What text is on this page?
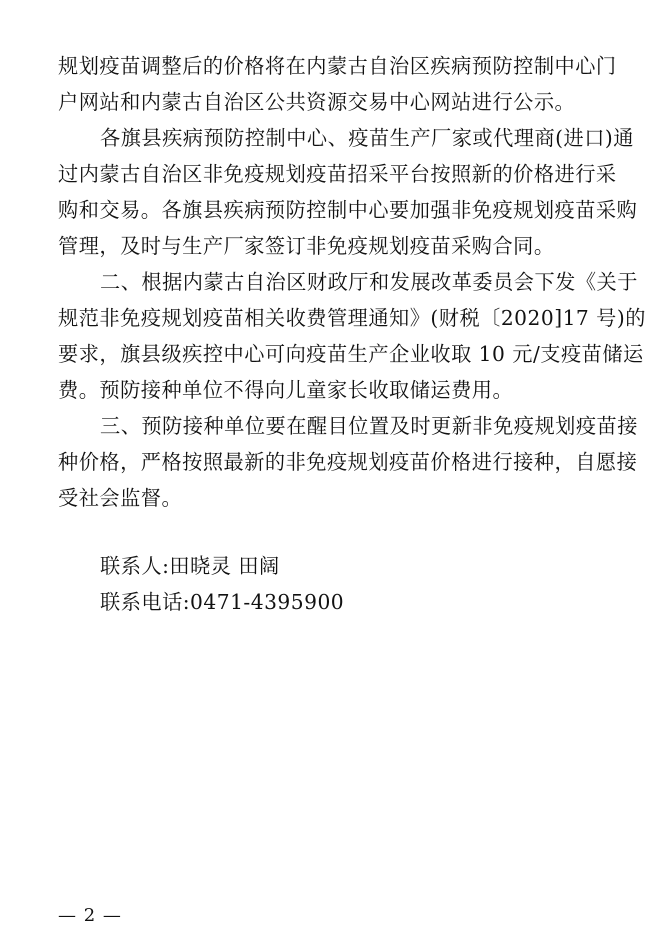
规划疫苗调整后的价格将在内蒙古自治区疾病预防控制中心门
户网站和内蒙古自治区公共资源交易中心网站进行公示。
各旗县疾病预防控制中心、疫苗生产厂家或代理商(进口)通
过内蒙古自治区非免疫规划疫苗招采平台按照新的价格进行采
购和交易。各旗县疾病预防控制中心要加强非免疫规划疫苗采购
管理，及时与生产厂家签订非免疫规划疫苗采购合同。
二、根据内蒙古自治区财政厅和发展改革委员会下发《关于
规范非免疫规划疫苗相关收费管理通知》(财税〔2020]17 号)的
要求，旗县级疾控中心可向疫苗生产企业收取 10 元/支疫苗储运
费。预防接种单位不得向儿童家长收取储运费用。
三、预防接种单位要在醒目位置及时更新非免疫规划疫苗接
种价格，严格按照最新的非免疫规划疫苗价格进行接种，自愿接
受社会监督。
联系人:田晓灵 田阔
联系电话:0471-4395900
— 2 —
